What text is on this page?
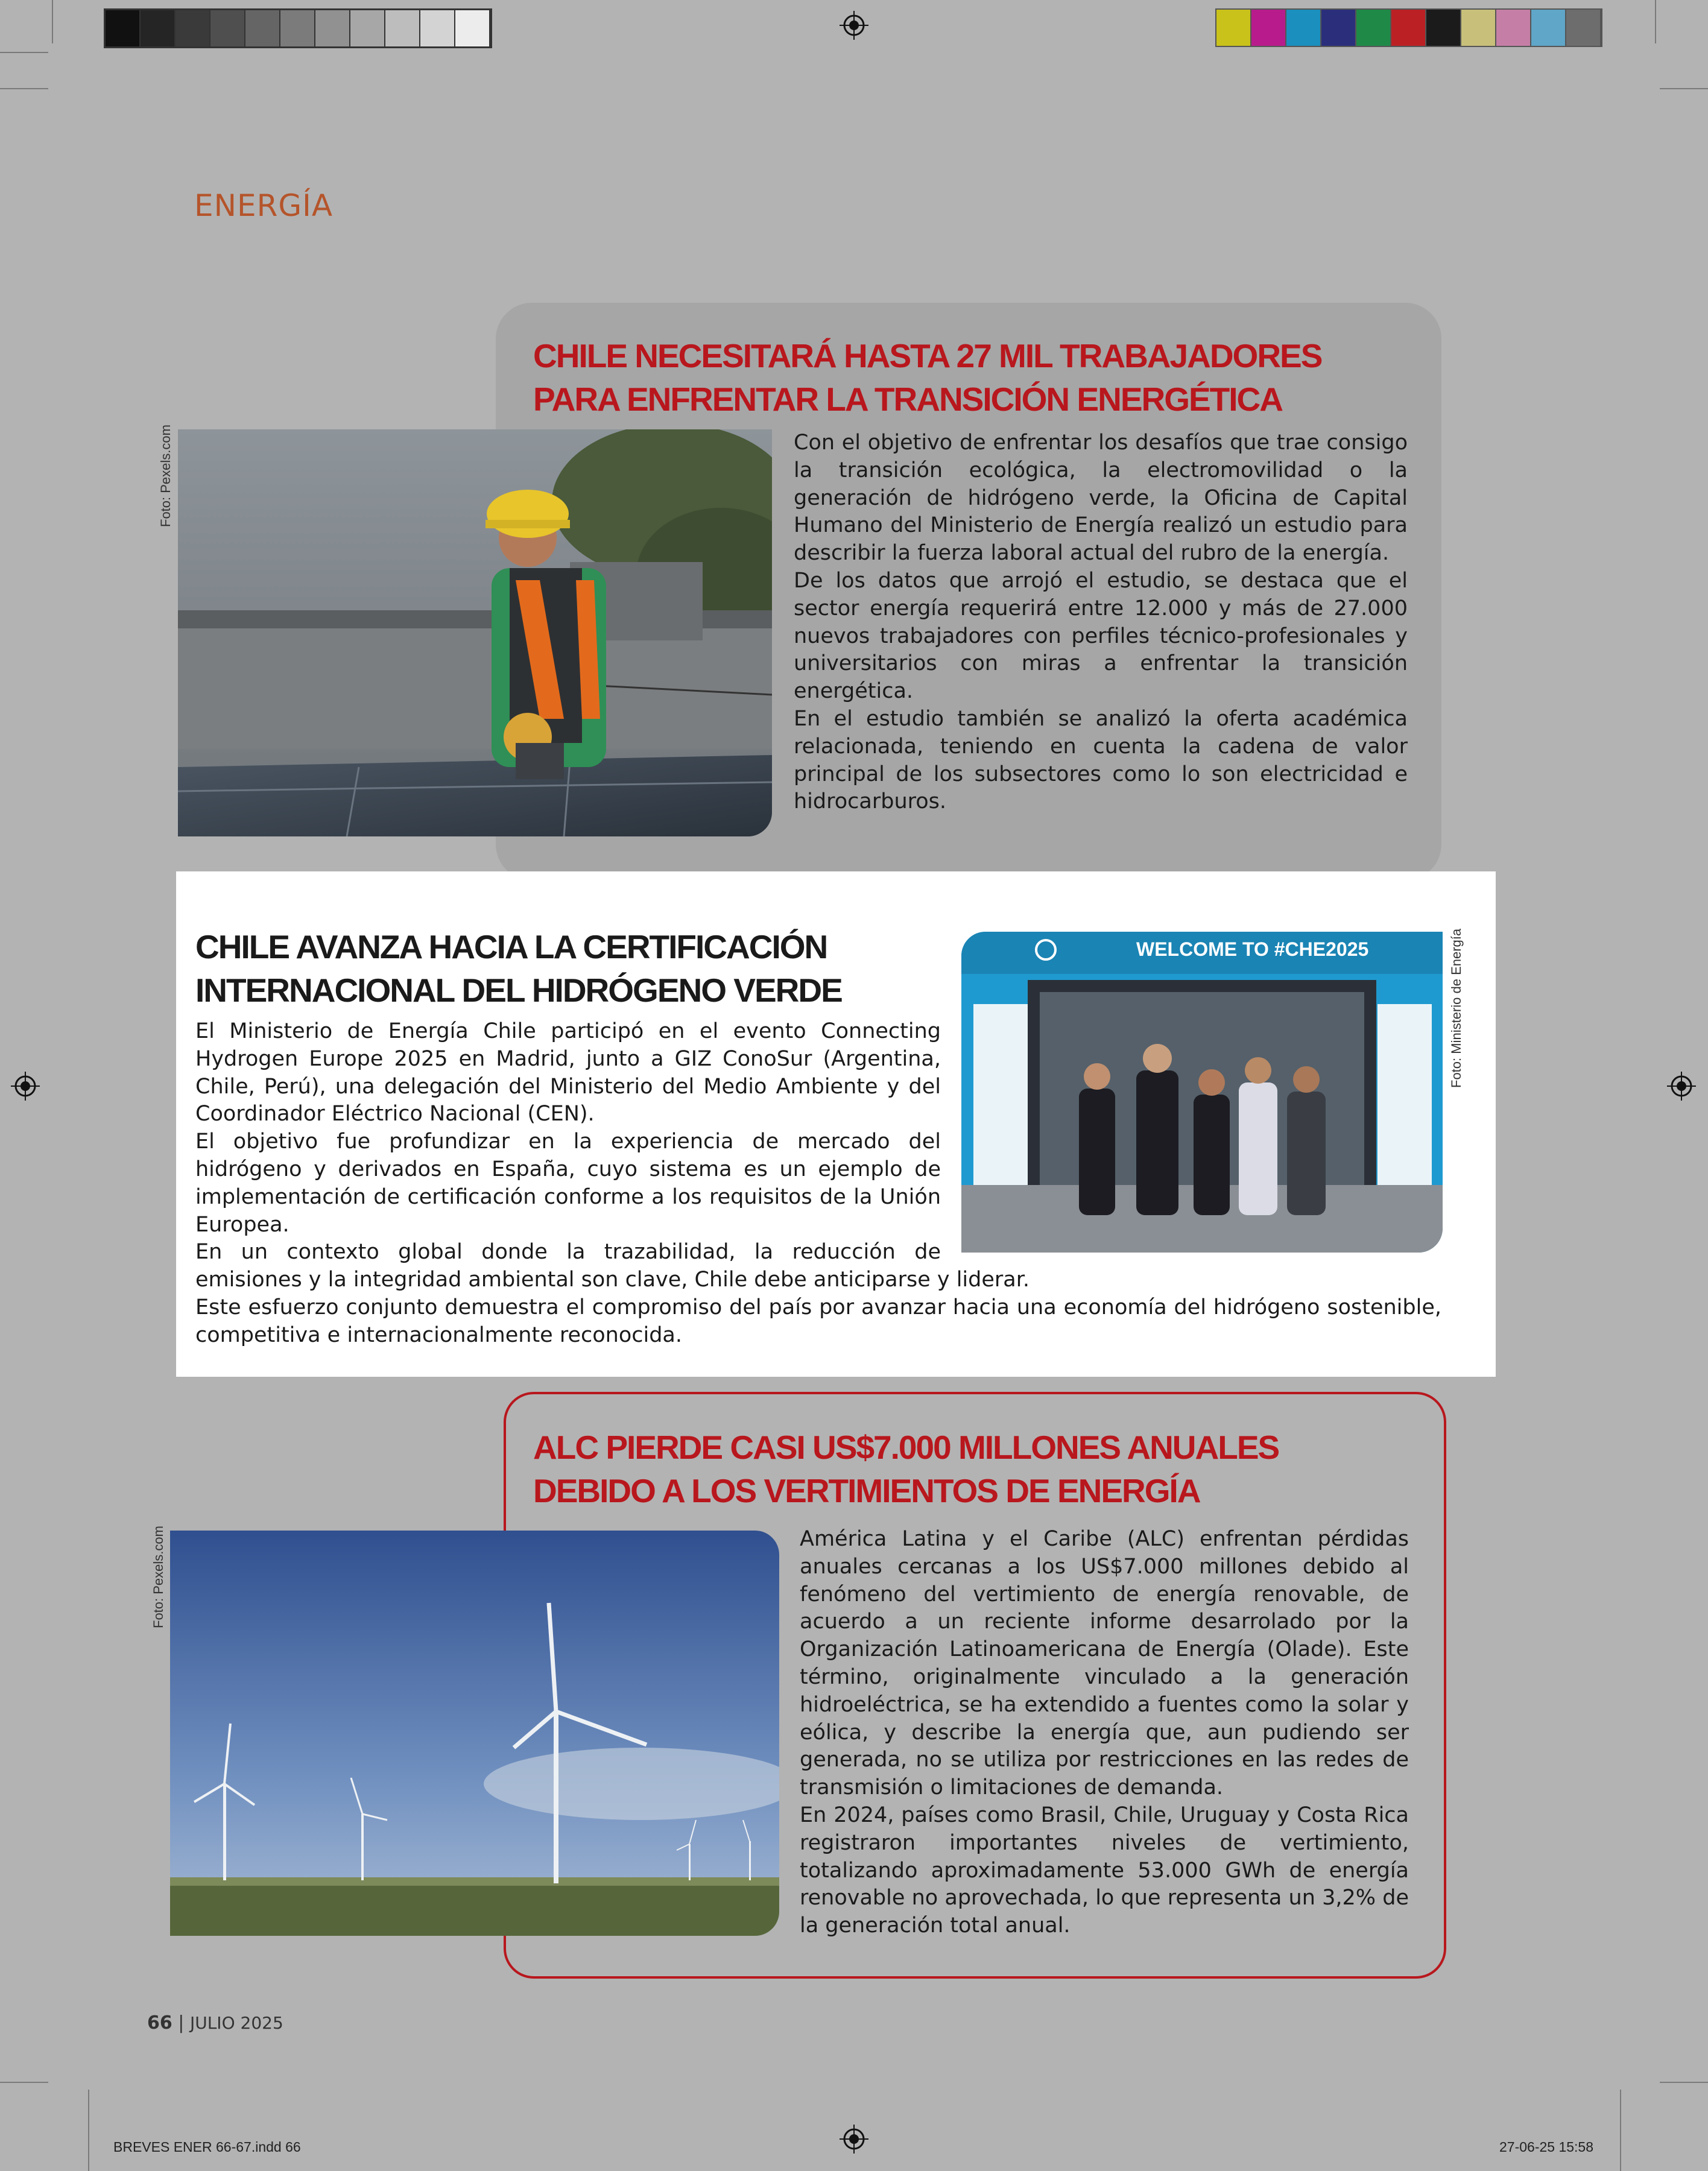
ENERGÍA
CHILE NECESITARÁ HASTA 27 MIL TRABAJADORES
PARA ENFRENTAR LA TRANSICIÓN ENERGÉTICA
Foto: Pexels.com	Con el objetivo de enfrentar los desafíos que trae consigo la transición ecológica, la electromovilidad o la generación de hidrógeno verde, la Oficina de Capital Humano del Ministerio de Energía realizó un estudio para describir la fuerza laboral actual del rubro de la energía.

De los datos que arrojó el estudio, se destaca que el sector energía requerirá entre 12.000 y más de 27.000 nuevos trabajadores con perfiles técnico-profesionales y universitarios con miras a enfrentar la transición energética.

En el estudio también se analizó la oferta académica relacionada, teniendo en cuenta la cadena de valor principal de los subsectores como lo son electricidad e hidrocarburos.

CHILE AVANZA HACIA LA CERTIFICACIÓN
INTERNACIONAL DEL HIDRÓGENO VERDE
WELCOME TO #CHE2025	Foto: Ministerio de Energía

El Ministerio de Energía Chile participó en el evento Connecting Hydrogen Europe 2025 en Madrid, junto a GIZ ConoSur (Argentina, Chile, Perú), una delegación del Ministerio del Medio Ambiente y del Coordinador Eléctrico Nacional (CEN).

El objetivo fue profundizar en la experiencia de mercado del hidrógeno y derivados en España, cuyo sistema es un ejemplo de implementación de certificación conforme a los requisitos de la Unión Europea.

En un contexto global donde la trazabilidad, la reducción de

emisiones y la integridad ambiental son clave, Chile debe anticiparse y liderar.

Este esfuerzo conjunto demuestra el compromiso del país por avanzar hacia una economía del hidrógeno sostenible, competitiva e internacionalmente reconocida.

ALC PIERDE CASI US$7.000 MILLONES ANUALES
DEBIDO A LOS VERTIMIENTOS DE ENERGÍA
Foto: Pexels.com	América Latina y el Caribe (ALC) enfrentan pérdidas anuales cercanas a los US$7.000 millones debido al fenómeno del vertimiento de energía renovable, de acuerdo a un reciente informe desarrolado por la Organización Latinoamericana de Energía (Olade). Este término, originalmente vinculado a la generación hidroeléctrica, se ha extendido a fuentes como la solar y eólica, y describe la energía que, aun pudiendo ser generada, no se utiliza por restricciones en las redes de transmisión o limitaciones de demanda.

En 2024, países como Brasil, Chile, Uruguay y Costa Rica registraron importantes niveles de vertimiento, totalizando aproximadamente 53.000 GWh de energía renovable no aprovechada, lo que representa un 3,2% de la generación total anual.

66 | JULIO 2025
BREVES ENER 66-67.indd 66	27-06-25 15:58
